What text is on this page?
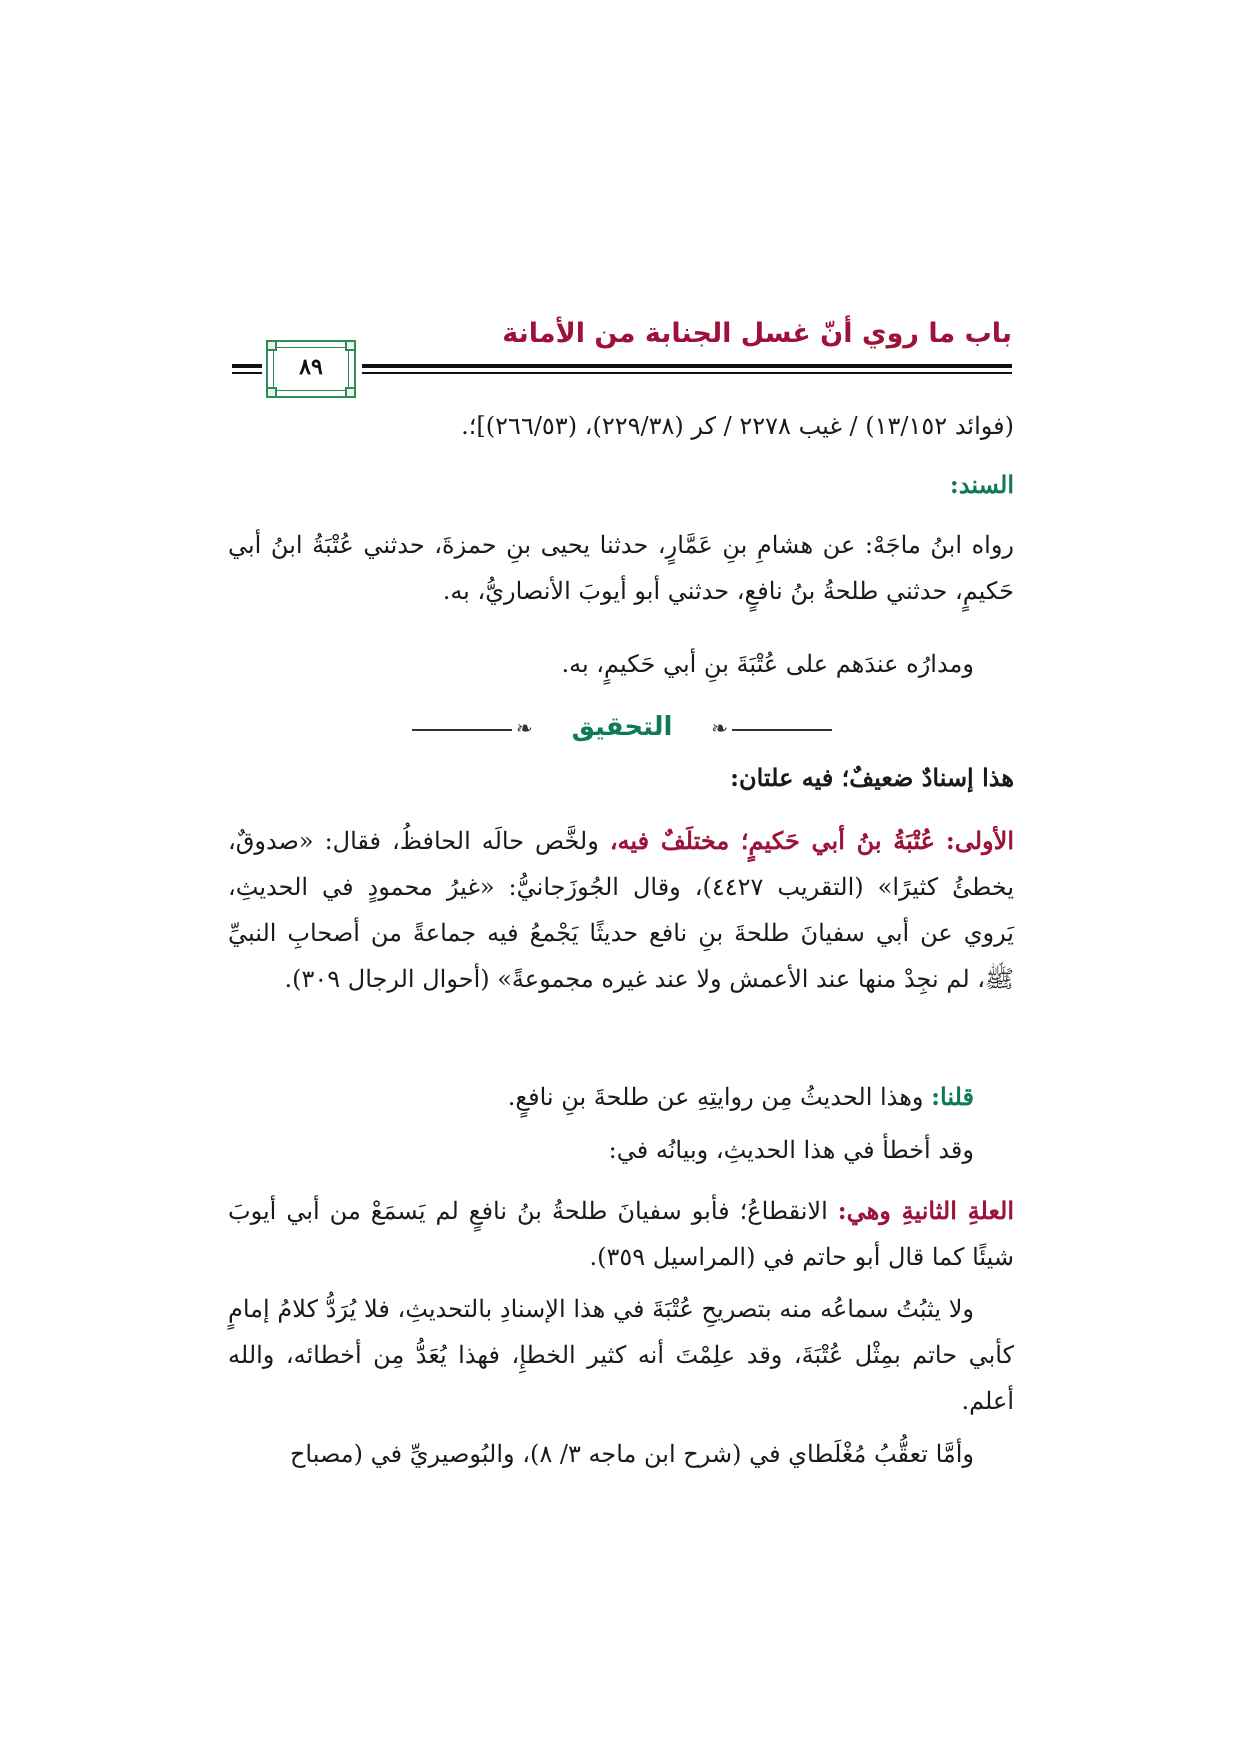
باب ما روي أنّ غسل الجنابة من الأمانة
٨٩
(فوائد ١٣/١٥٢) / غيب ٢٢٧٨ / كر (٢٢٩/٣٨)، (٢٦٦/٥٣)]؛.
السند:
رواه ابنُ ماجَهْ: عن هشامِ بنِ عَمَّارٍ، حدثنا يحيى بنِ حمزةَ، حدثني عُتْبَةُ ابنُ أبي حَكيمٍ، حدثني طلحةُ بنُ نافعٍ، حدثني أبو أيوبَ الأنصاريُّ، به.
ومدارُه عندَهم على عُتْبَةَ بنِ أبي حَكيمٍ، به.
❧	التحقيق	❧
هذا إسنادٌ ضعيفٌ؛ فيه علتان:
الأولى: عُتْبَةُ بنُ أبي حَكيمٍ؛ مختلَفٌ فيه، ولخَّص حالَه الحافظُ، فقال: «صدوقٌ، يخطئُ كثيرًا» (التقريب ٤٤٢٧)، وقال الجُوزَجانيُّ: «غيرُ محمودٍ في الحديثِ، يَروي عن أبي سفيانَ طلحةَ بنِ نافع حديثًا يَجْمعُ فيه جماعةً من أصحابِ النبيِّ ﷺ، لم نجِدْ منها عند الأعمش ولا عند غيره مجموعةً» (أحوال الرجال ٣٠٩).
قلنا: وهذا الحديثُ مِن روايتِهِ عن طلحةَ بنِ نافعٍ.
وقد أخطأ في هذا الحديثِ، وبيانُه في:
العلةِ الثانيةِ وهي: الانقطاعُ؛ فأبو سفيانَ طلحةُ بنُ نافعٍ لم يَسمَعْ من أبي أيوبَ شيئًا كما قال أبو حاتم في (المراسيل ٣٥٩).
ولا يثبُتُ سماعُه منه بتصريحِ عُتْبَةَ في هذا الإسنادِ بالتحديثِ، فلا يُرَدُّ كلامُ إمامٍ كأبي حاتم بمِثْل عُتْبَةَ، وقد علِمْتَ أنه كثير الخطإِ، فهذا يُعَدُّ مِن أخطائه، والله أعلم.
وأمَّا تعقُّبُ مُغْلَطاي في (شرح ابن ماجه ٣/ ٨)، والبُوصيريِّ في (مصباح
